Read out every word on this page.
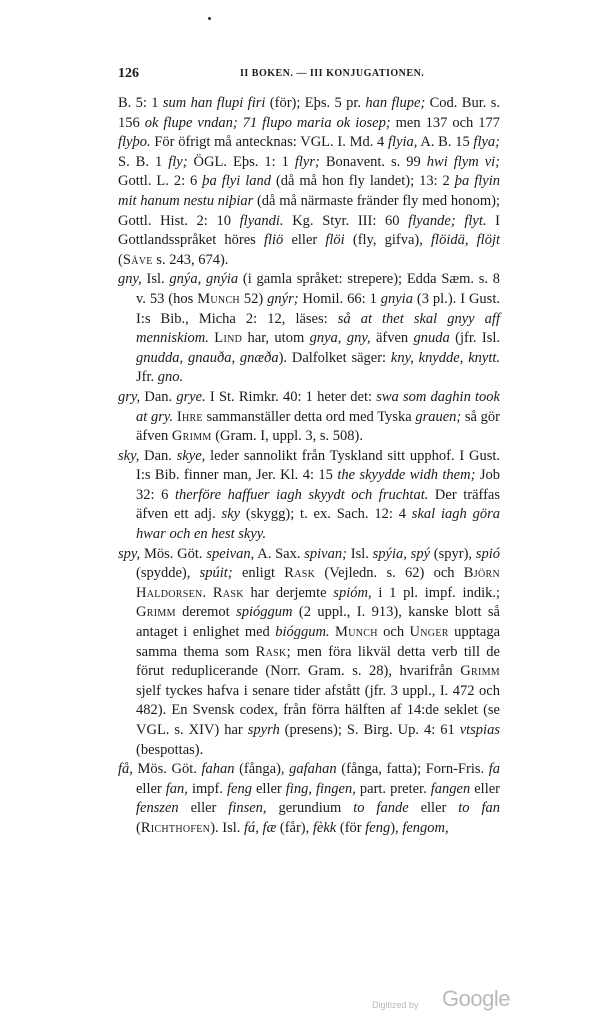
126	II BOKEN. — III KONJUGATIONEN.

B. 5: 1 sum han flupi firi (för); Eþs. 5 pr. han flupe; Cod. Bur. s. 156 ok flupe vndan; 71 flupo maria ok iosep; men 137 och 177 flyþo. För öfrigt må antecknas: VGL. I. Md. 4 flyia, A. B. 15 flya; S. B. 1 fly; ÖGL. Eþs. 1: 1 flyr; Bonavent. s. 99 hwi flym vi; Gottl. L. 2: 6 þa flyi land (då må hon fly landet); 13: 2 þa flyin mit hanum nestu niþiar (då må närmaste fränder fly med honom); Gottl. Hist. 2: 10 flyandi. Kg. Styr. III: 60 flyande; flyt. I Gottlandsspråket höres fliö eller flöi (fly, gifva), flöidä, flöjt (Säve s. 243, 674).

gny, Isl. gnýa, gnýia (i gamla språket: strepere); Edda Sæm. s. 8 v. 53 (hos Munch 52) gnýr; Homil. 66: 1 gnyia (3 pl.). I Gust. I:s Bib., Micha 2: 12, läses: så at thet skal gnyy aff menniskiom. Lind har, utom gnya, gny, äfven gnuda (jfr. Isl. gnudda, gnauða, gnæða). Dalfolket säger: kny, knydde, knytt. Jfr. gno.

gry, Dan. grye. I St. Rimkr. 40: 1 heter det: swa som daghin took at gry. Ihre sammanställer detta ord med Tyska grauen; så gör äfven Grimm (Gram. I, uppl. 3, s. 508).

sky, Dan. skye, leder sannolikt från Tyskland sitt upphof. I Gust. I:s Bib. finner man, Jer. Kl. 4: 15 the skyydde widh them; Job 32: 6 therföre haffuer iagh skyydt och fruchtat. Der träffas äfven ett adj. sky (skygg); t. ex. Sach. 12: 4 skal iagh göra hwar och en hest skyy.

spy, Mös. Göt. speivan, A. Sax. spivan; Isl. spýia, spý (spyr), spió (spydde), spúit; enligt Rask (Vejledn. s. 62) och Björn Haldorsen. Rask har derjemte spióm, i 1 pl. impf. indik.; Grimm deremot spióggum (2 uppl., I. 913), kanske blott så antaget i enlighet med bióggum. Munch och Unger upptaga samma thema som Rask; men föra likväl detta verb till de förut reduplicerande (Norr. Gram. s. 28), hvarifrån Grimm sjelf tyckes hafva i senare tider afstått (jfr. 3 uppl., I. 472 och 482). En Svensk codex, från förra hälften af 14:de seklet (se VGL. s. XIV) har spyrh (presens); S. Birg. Up. 4: 61 vtspias (bespottas).

få, Mös. Göt. fahan (fånga), gafahan (fånga, fatta); Forn-Fris. fa eller fan, impf. feng eller fing, fingen, part. preter. fangen eller fenszen eller finsen, gerundium to fande eller to fan (Richthofen). Isl. fá, fæ (får), fèkk (för feng), fengom,

Digitized by Google
